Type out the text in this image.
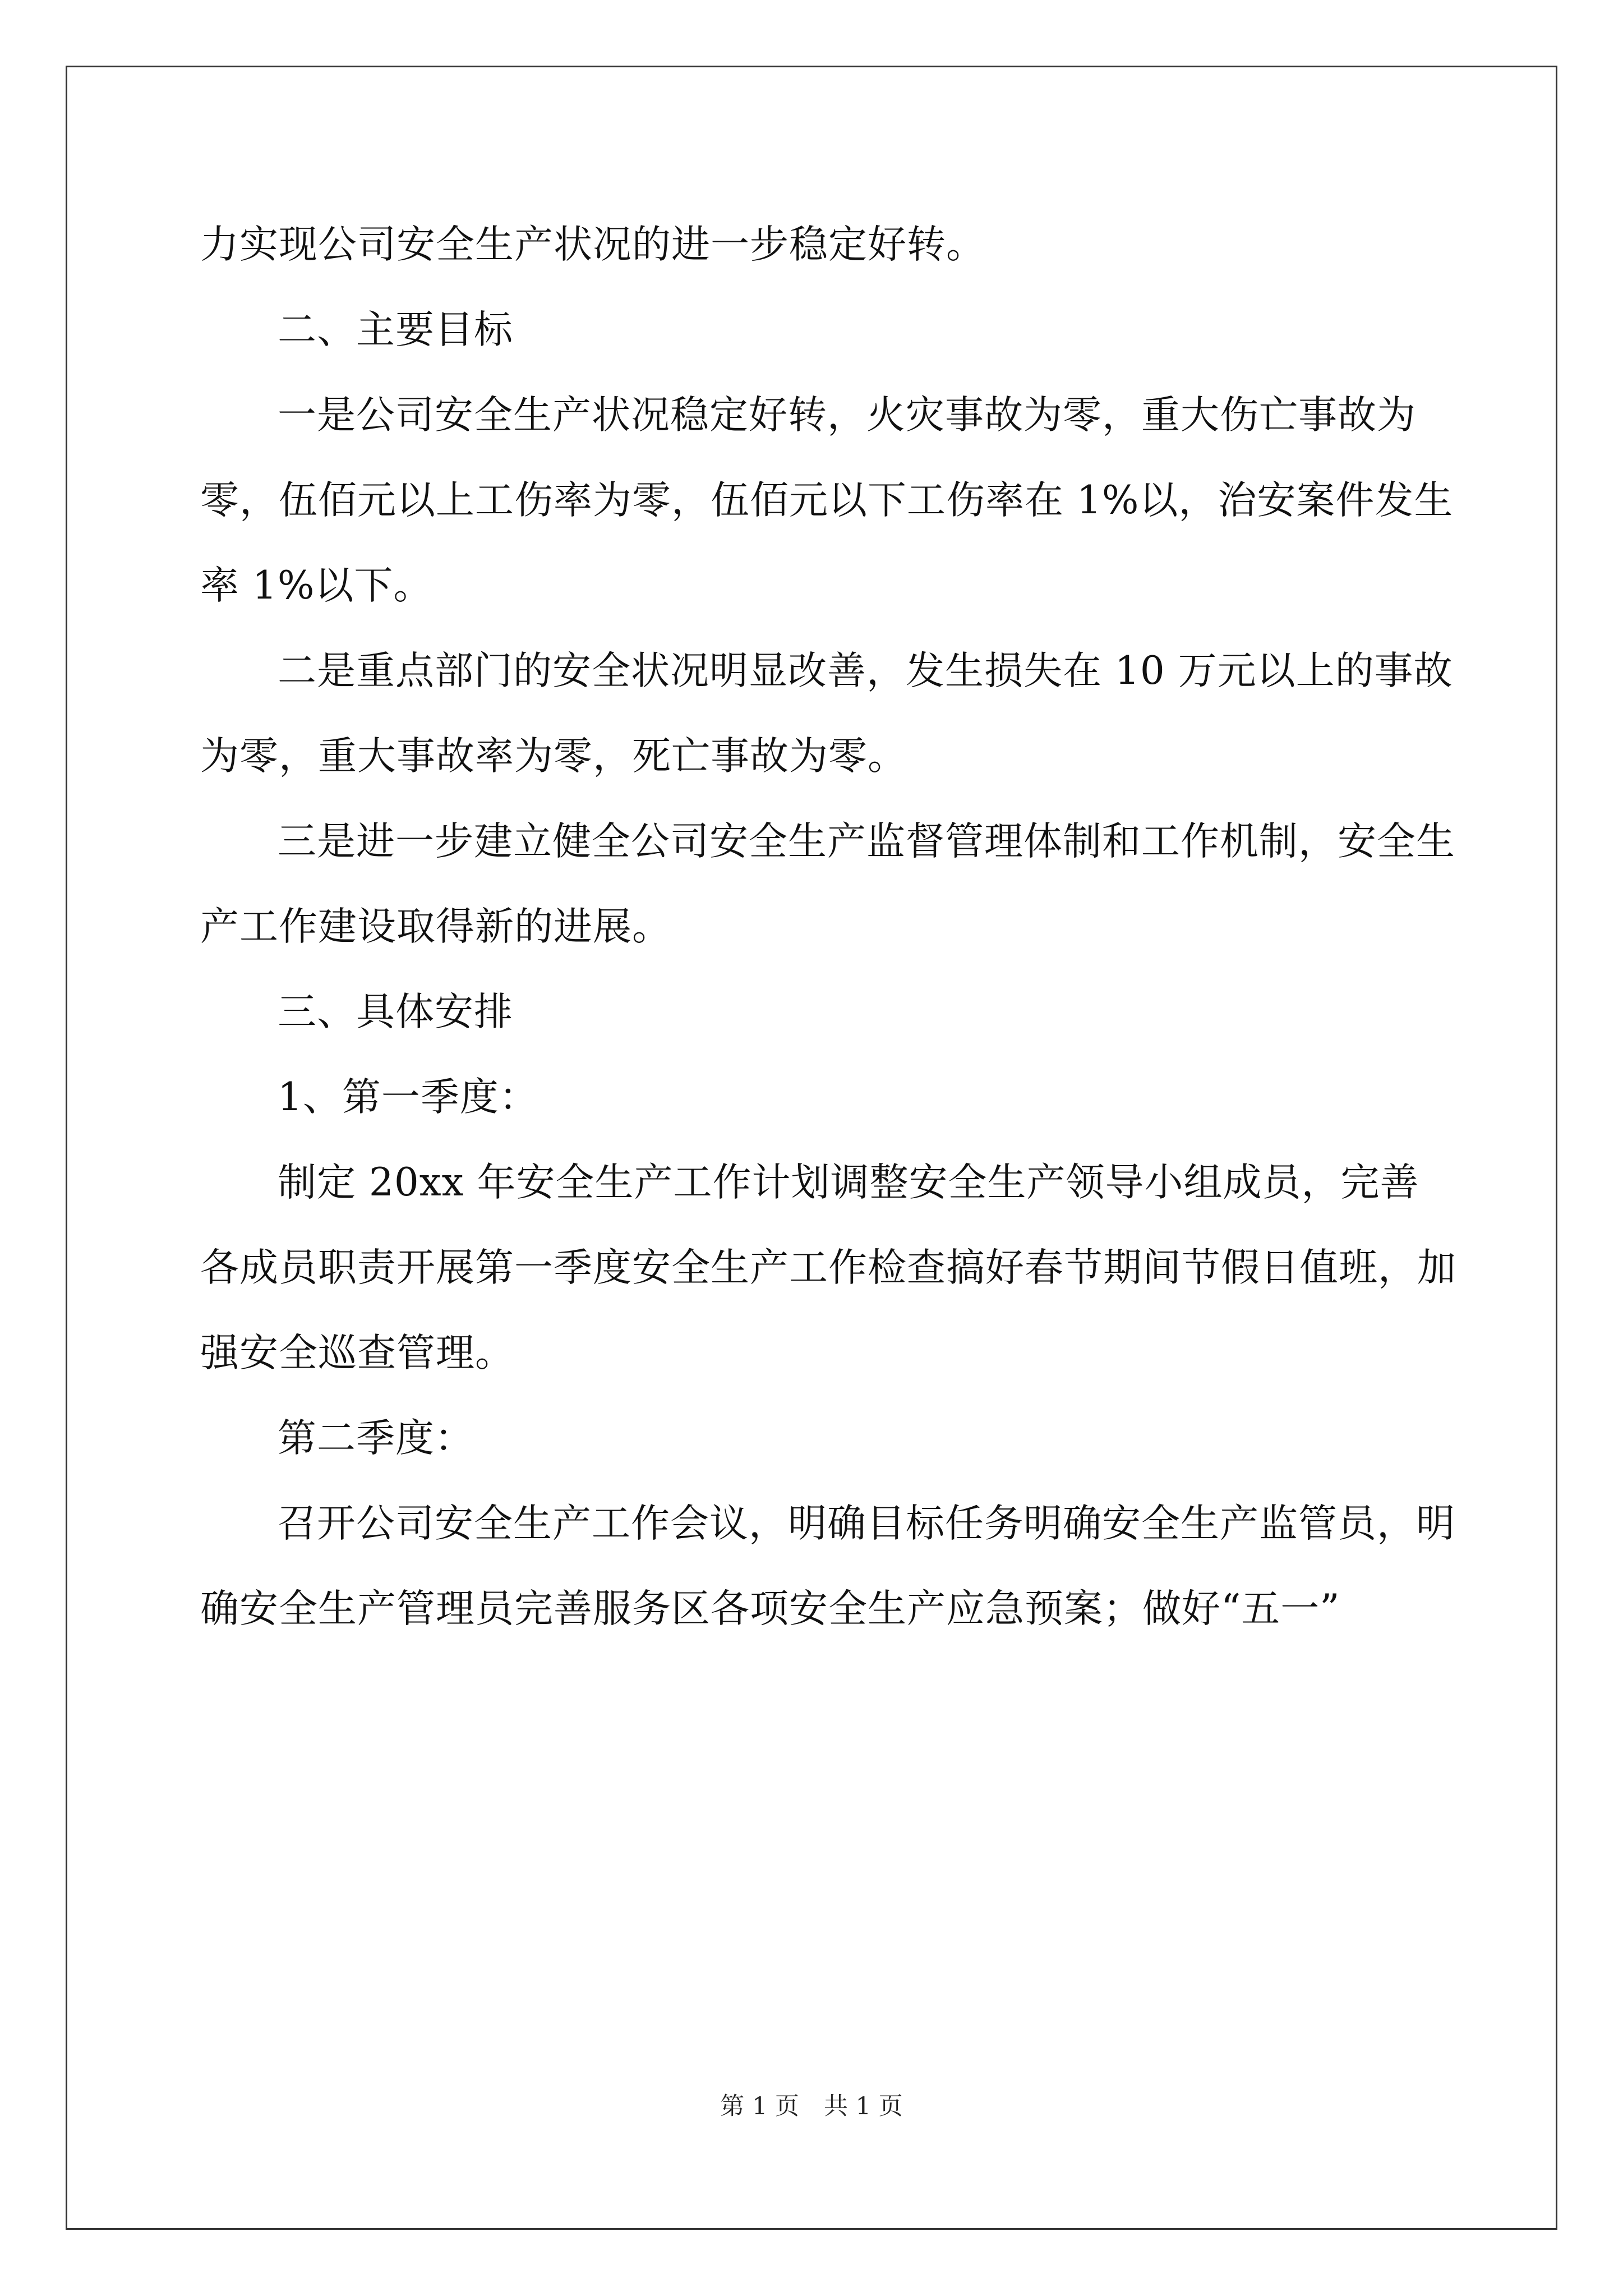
力实现公司安全生产状况的进一步稳定好转。

二、主要目标

一是公司安全生产状况稳定好转，火灾事故为零，重大伤亡事故为零，伍佰元以上工伤率为零，伍佰元以下工伤率在 1%以，治安案件发生率 1%以下。

二是重点部门的安全状况明显改善，发生损失在 10 万元以上的事故为零，重大事故率为零，死亡事故为零。

三是进一步建立健全公司安全生产监督管理体制和工作机制，安全生产工作建设取得新的进展。

三、具体安排

1、第一季度：

制定 20xx 年安全生产工作计划调整安全生产领导小组成员，完善各成员职责开展第一季度安全生产工作检查搞好春节期间节假日值班，加强安全巡查管理。

第二季度：

召开公司安全生产工作会议，明确目标任务明确安全生产监管员，明确安全生产管理员完善服务区各项安全生产应急预案；做好“五一”

第 1 页 共 1 页
